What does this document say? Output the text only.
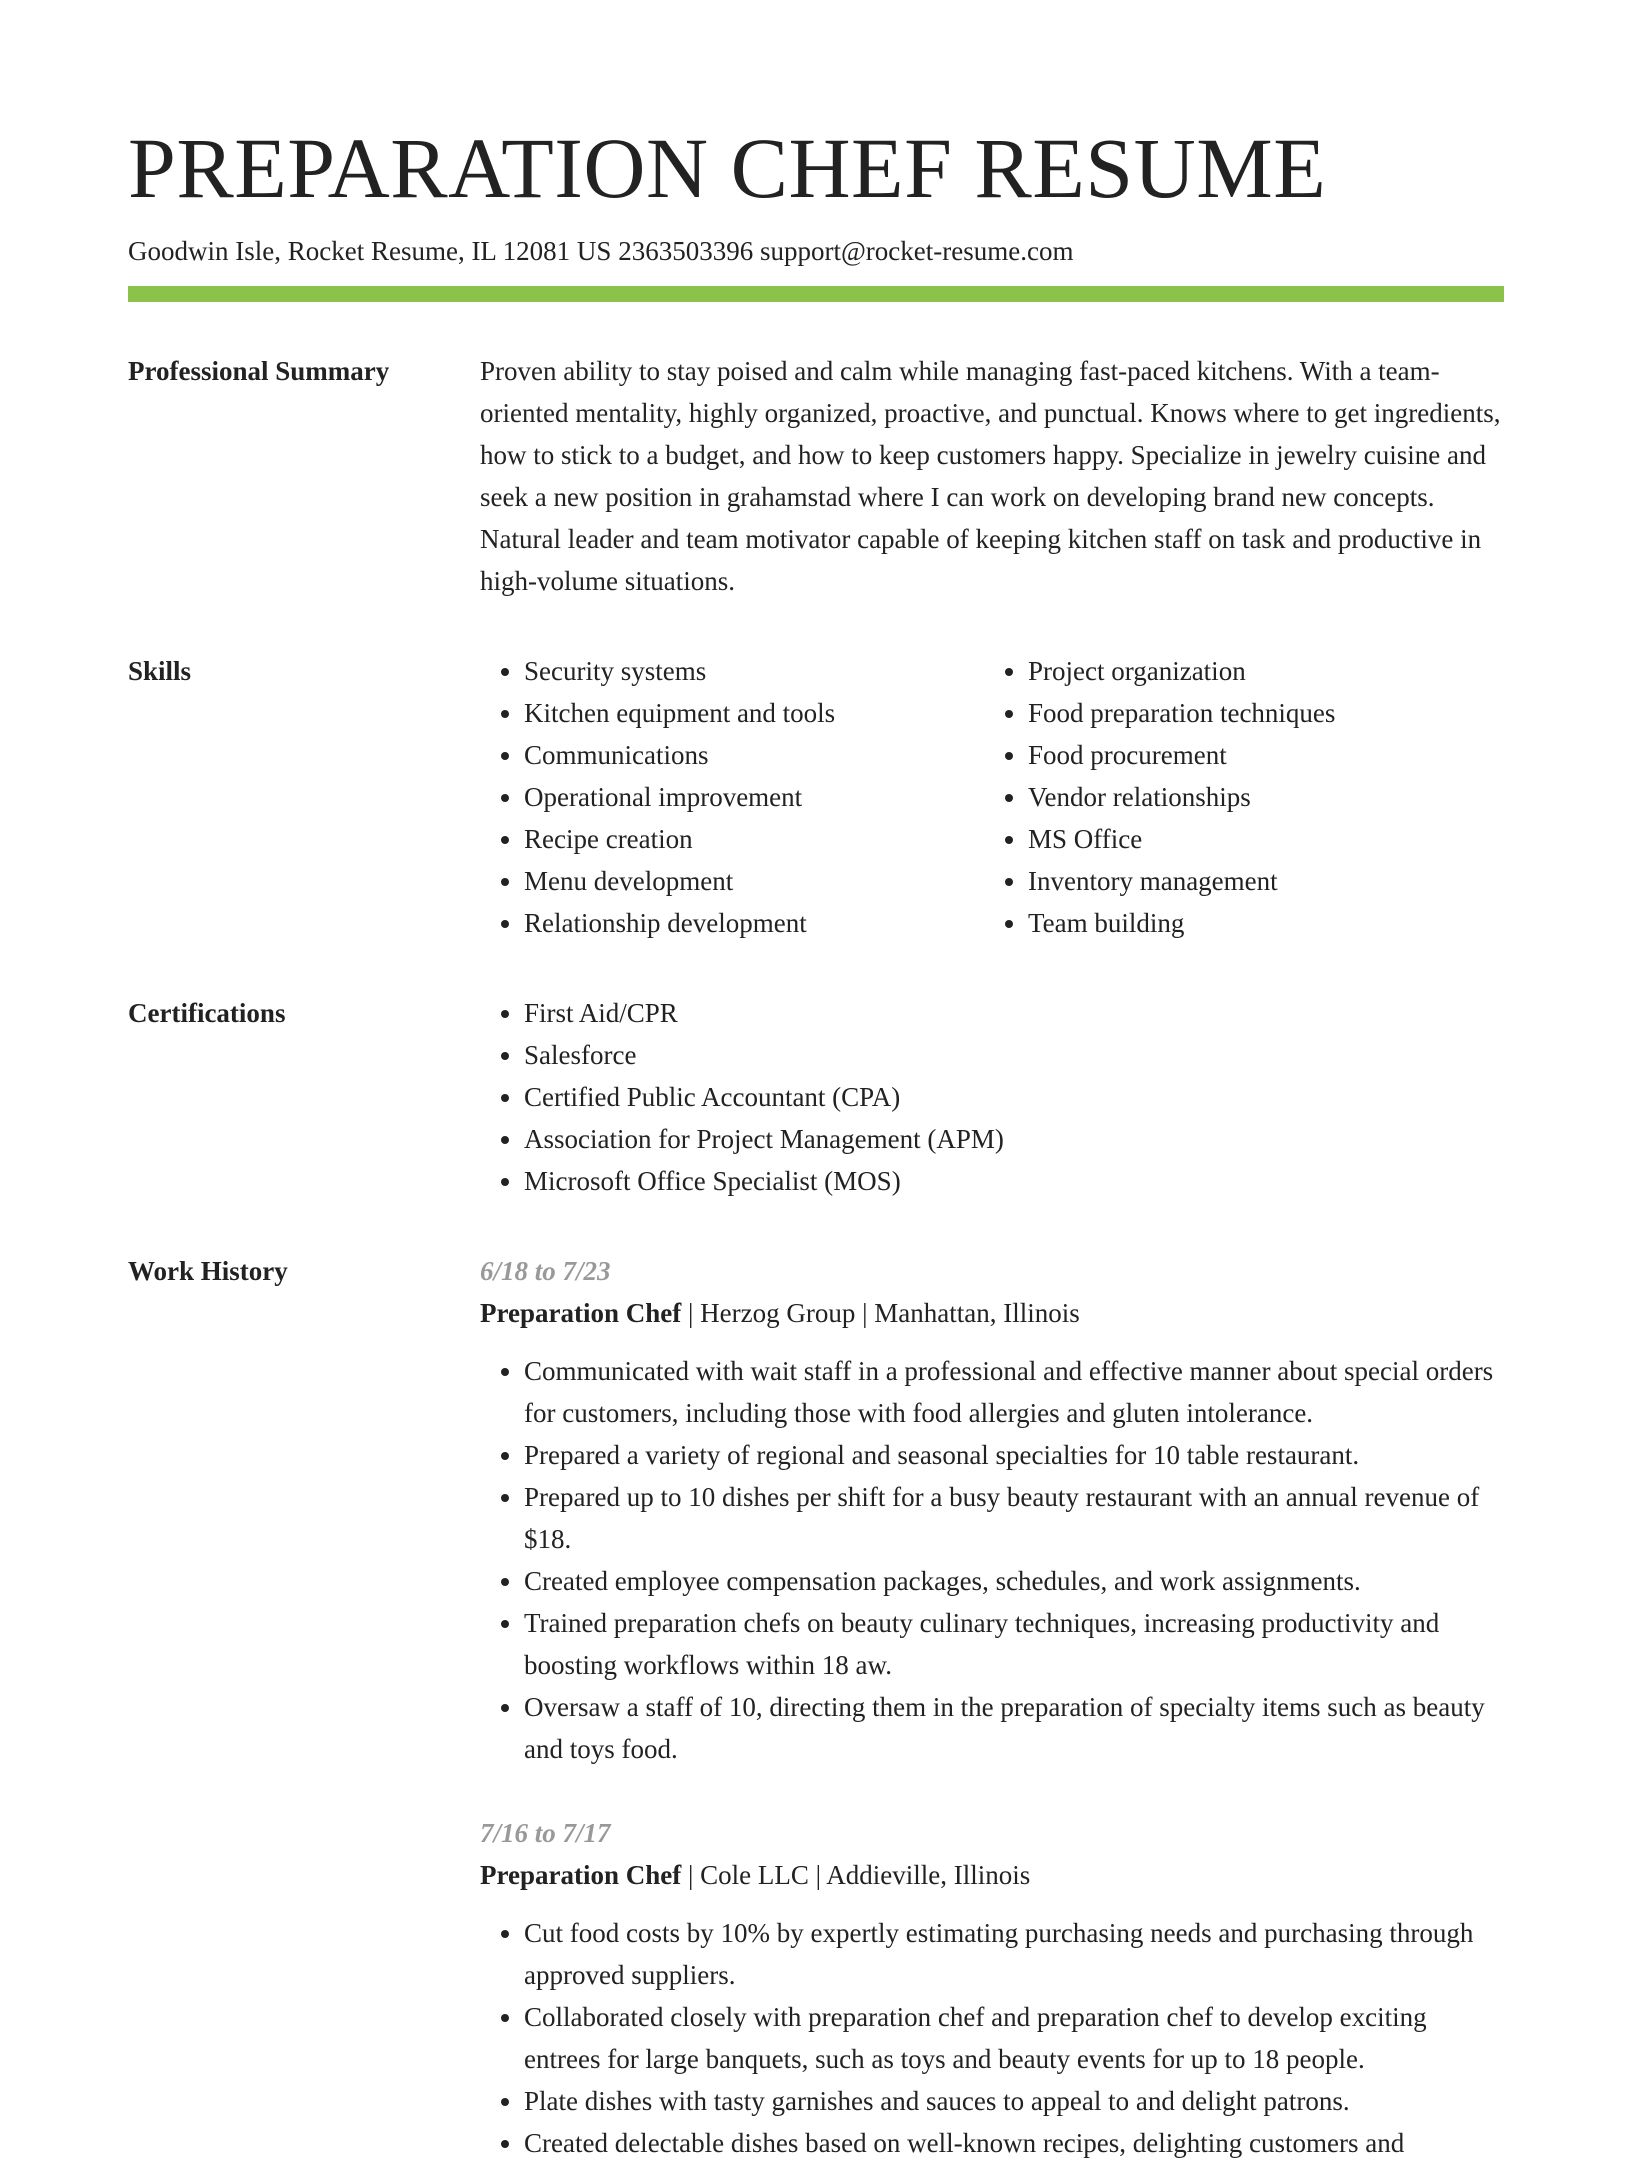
PREPARATION CHEF RESUME
Goodwin Isle, Rocket Resume, IL 12081 US 2363503396 support@rocket-resume.com
Professional Summary	Proven ability to stay poised and calm while managing fast-paced kitchens. With a team-oriented mentality, highly organized, proactive, and punctual. Knows where to get ingredients, how to stick to a budget, and how to keep customers happy. Specialize in jewelry cuisine and seek a new position in grahamstad where I can work on developing brand new concepts. Natural leader and team motivator capable of keeping kitchen staff on task and productive in high-volume situations.

Skills	• Security systems
• Kitchen equipment and tools
• Communications
• Operational improvement
• Recipe creation
• Menu development
• Relationship development
• Project organization
• Food preparation techniques
• Food procurement
• Vendor relationships
• MS Office
• Inventory management
• Team building
Certifications	• First Aid/CPR
• Salesforce
• Certified Public Accountant (CPA)
• Association for Project Management (APM)
• Microsoft Office Specialist (MOS)
Work History	6/18 to 7/23
Preparation Chef | Herzog Group | Manhattan, Illinois
• Communicated with wait staff in a professional and effective manner about special orders for customers, including those with food allergies and gluten intolerance.
• Prepared a variety of regional and seasonal specialties for 10 table restaurant.
• Prepared up to 10 dishes per shift for a busy beauty restaurant with an annual revenue of $18.
• Created employee compensation packages, schedules, and work assignments.
• Trained preparation chefs on beauty culinary techniques, increasing productivity and boosting workflows within 18 aw.
• Oversaw a staff of 10, directing them in the preparation of specialty items such as beauty and toys food.
7/16 to 7/17
Preparation Chef | Cole LLC | Addieville, Illinois
• Cut food costs by 10% by expertly estimating purchasing needs and purchasing through approved suppliers.
• Collaborated closely with preparation chef and preparation chef to develop exciting entrees for large banquets, such as toys and beauty events for up to 18 people.
• Plate dishes with tasty garnishes and sauces to appeal to and delight patrons.
• Created delectable dishes based on well-known recipes, delighting customers and
